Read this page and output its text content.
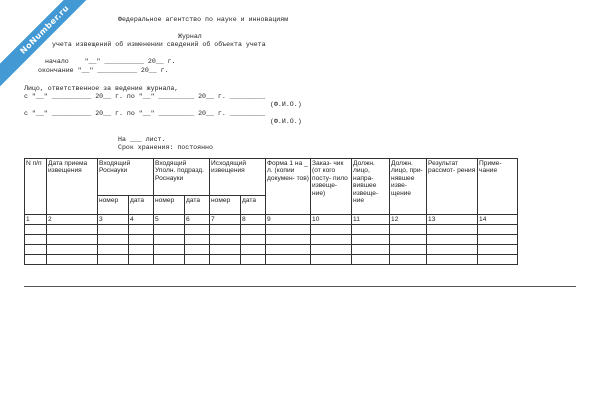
NoNumber.ru	Федеральное агентство по науке и инновациям
Журнал
учета извещений об изменении сведений об объекта учета
начало    "__" __________ 20__ г.
окончание "__" __________ 20__ г.
Лицо, ответственное за ведение журнала,
с "__" __________ 20__ г. по "__" _________ 20__ г. _________
(Ф.И.О.)
с "__" __________ 20__ г. по "__" _________ 20__ г. _________
(Ф.И.О.)
На ___ лист.
Срок хранения: постоянно
N п/п	Дата приема извещения	Входящий Роснауки		Входящий Уполн. подразд. Роснауки		Исходящий извещения		Форма 1 на _ л. (копии докумен- тов)	Заказ- чик (от кого посту- пило извеще- ние)	Должн. лицо, напра- вившее извеще- ние	Должн. лицо, при- нявшее изве- щение	Результат рассмот- рения	Приме- чание
		номер	дата	номер	дата	номер	дата						
1	2	3	4	5	6	7	8	9	10	11	12	13	14
